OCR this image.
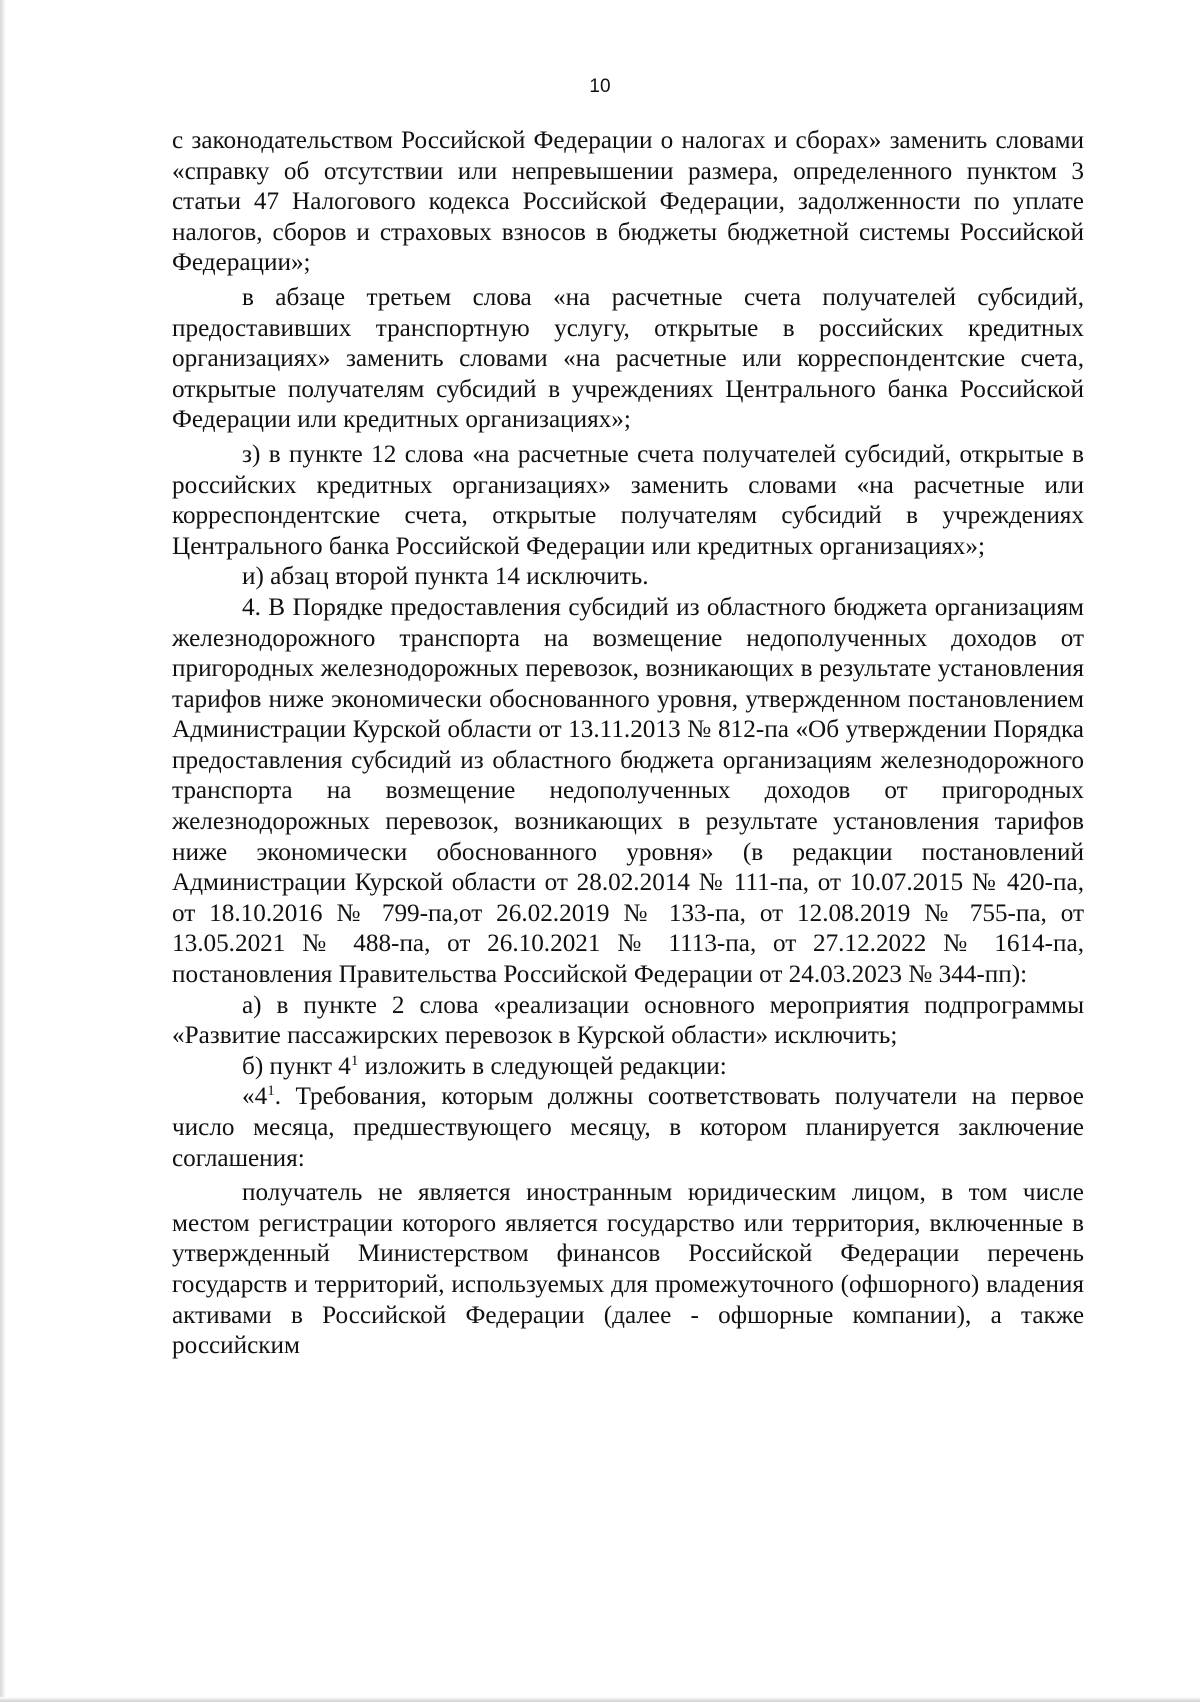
10

с законодательством Российской Федерации о налогах и сборах» заменить словами «справку об отсутствии или непревышении размера, определенного пунктом 3 статьи 47 Налогового кодекса Российской Федерации, задолженности по уплате налогов, сборов и страховых взносов в бюджеты бюджетной системы Российской Федерации»;

в абзаце третьем слова «на расчетные счета получателей субсидий, предоставивших транспортную услугу, открытые в российских кредитных организациях» заменить словами «на расчетные или корреспондентские счета, открытые получателям субсидий в учреждениях Центрального банка Российской Федерации или кредитных организациях»;

з) в пункте 12 слова «на расчетные счета получателей субсидий, открытые в российских кредитных организациях» заменить словами «на расчетные или корреспондентские счета, открытые получателям субсидий в учреждениях Центрального банка Российской Федерации или кредитных организациях»;

и) абзац второй пункта 14 исключить.

4. В Порядке предоставления субсидий из областного бюджета организациям железнодорожного транспорта на возмещение недополученных доходов от пригородных железнодорожных перевозок, возникающих в результате установления тарифов ниже экономически обоснованного уровня, утвержденном постановлением Администрации Курской области от 13.11.2013 № 812-па «Об утверждении Порядка предоставления субсидий из областного бюджета организациям железнодорожного транспорта на возмещение недополученных доходов от пригородных железнодорожных перевозок, возникающих в результате установления тарифов ниже экономически обоснованного уровня» (в редакции постановлений Администрации Курской области от 28.02.2014 № 111-па, от 10.07.2015 № 420-па, от 18.10.2016 № 799-па,от 26.02.2019 № 133-па, от 12.08.2019 № 755-па, от 13.05.2021 № 488-па, от 26.10.2021 № 1113-па, от 27.12.2022 № 1614-па, постановления Правительства Российской Федерации от 24.03.2023 № 344-пп):

а) в пункте 2 слова «реализации основного мероприятия подпрограммы «Развитие пассажирских перевозок в Курской области» исключить;

б) пункт $4^1$ изложить в следующей редакции:

«$4^1$. Требования, которым должны соответствовать получатели на первое число месяца, предшествующего месяцу, в котором планируется заключение соглашения:

получатель не является иностранным юридическим лицом, в том числе местом регистрации которого является государство или территория, включенные в утвержденный Министерством финансов Российской Федерации перечень государств и территорий, используемых для промежуточного (офшорного) владения активами в Российской Федерации (далее - офшорные компании), а также российским
